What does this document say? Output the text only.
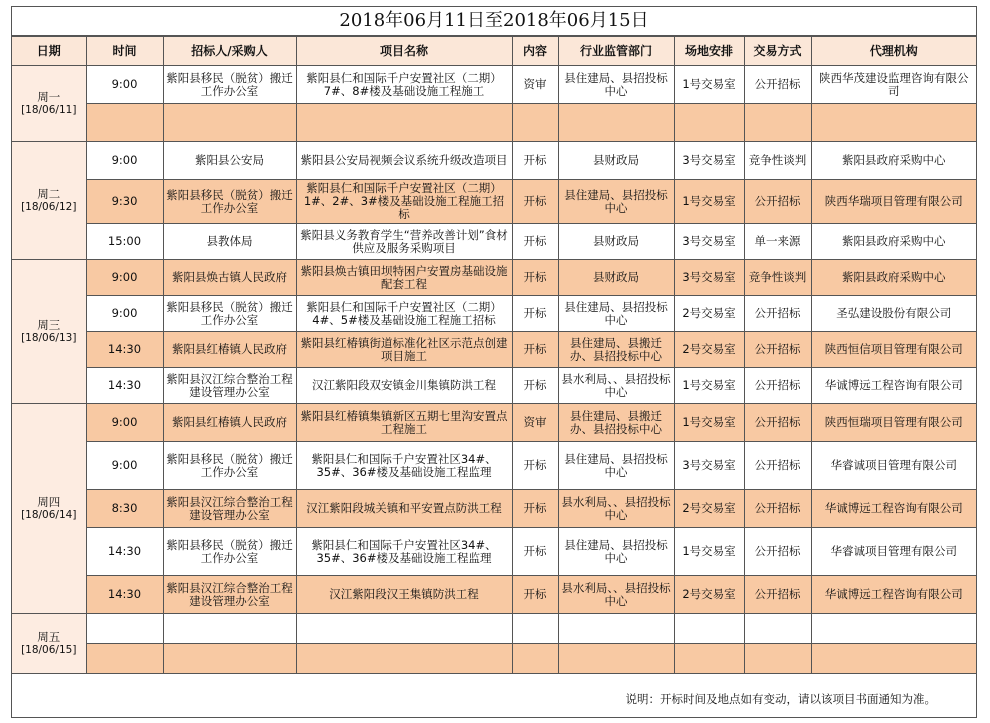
2018年06月11日至2018年06月15日
日期	时间	招标人/采购人	项目名称	内容	行业监管部门	场地安排	交易方式	代理机构

周一
[18/06/11]	9:00	紫阳县移民（脱贫）搬迁工作办公室	紫阳县仁和国际千户安置社区（二期）7#、8#楼及基础设施工程施工	资审	县住建局、县招投标中心	1号交易室	公开招标	陕西华茂建设监理咨询有限公司

周二
[18/06/12]	9:00	紫阳县公安局	紫阳县公安局视频会议系统升级改造项目	开标	县财政局	3号交易室	竞争性谈判	紫阳县政府采购中心
	9:30	紫阳县移民（脱贫）搬迁工作办公室	紫阳县仁和国际千户安置社区（二期）1#、2#、3#楼及基础设施工程施工招标	开标	县住建局、县招投标中心	1号交易室	公开招标	陕西华瑞项目管理有限公司
	15:00	县教体局	紫阳县义务教育学生“营养改善计划”食材供应及服务采购项目	开标	县财政局	3号交易室	单一来源	紫阳县政府采购中心

周三
[18/06/13]	9:00	紫阳县焕古镇人民政府	紫阳县焕古镇田坝特困户安置房基础设施配套工程	开标	县财政局	3号交易室	竞争性谈判	紫阳县政府采购中心
	9:00	紫阳县移民（脱贫）搬迁工作办公室	紫阳县仁和国际千户安置社区（二期）4#、5#楼及基础设施工程施工招标	开标	县住建局、县招投标中心	2号交易室	公开招标	圣弘建设股份有限公司
	14:30	紫阳县红椿镇人民政府	紫阳县红椿镇街道标准化社区示范点创建项目施工	开标	县住建局、县搬迁办、县招投标中心	2号交易室	公开招标	陕西恒信项目管理有限公司
	14:30	紫阳县汉江综合整治工程建设管理办公室	汉江紫阳段双安镇金川集镇防洪工程	开标	县水利局、、县招投标中心	1号交易室	公开招标	华诚博远工程咨询有限公司

周四
[18/06/14]	9:00	紫阳县红椿镇人民政府	紫阳县红椿镇集镇新区五期七里沟安置点工程施工	资审	县住建局、县搬迁办、县招投标中心	1号交易室	公开招标	陕西恒瑞项目管理有限公司
	9:00	紫阳县移民（脱贫）搬迁工作办公室	紫阳县仁和国际千户安置社区34#、35#、36#楼及基础设施工程监理	开标	县住建局、县招投标中心	3号交易室	公开招标	华睿诚项目管理有限公司
	8:30	紫阳县汉江综合整治工程建设管理办公室	汉江紫阳段城关镇和平安置点防洪工程	开标	县水利局、、县招投标中心	2号交易室	公开招标	华诚博远工程咨询有限公司
	14:30	紫阳县移民（脱贫）搬迁工作办公室	紫阳县仁和国际千户安置社区34#、35#、36#楼及基础设施工程监理	开标	县住建局、县招投标中心	1号交易室	公开招标	华睿诚项目管理有限公司
	14:30	紫阳县汉江综合整治工程建设管理办公室	汉江紫阳段汉王集镇防洪工程	开标	县水利局、、县招投标中心	2号交易室	公开招标	华诚博远工程咨询有限公司

周五
[18/06/15]								

说明：开标时间及地点如有变动，请以该项目书面通知为准。
